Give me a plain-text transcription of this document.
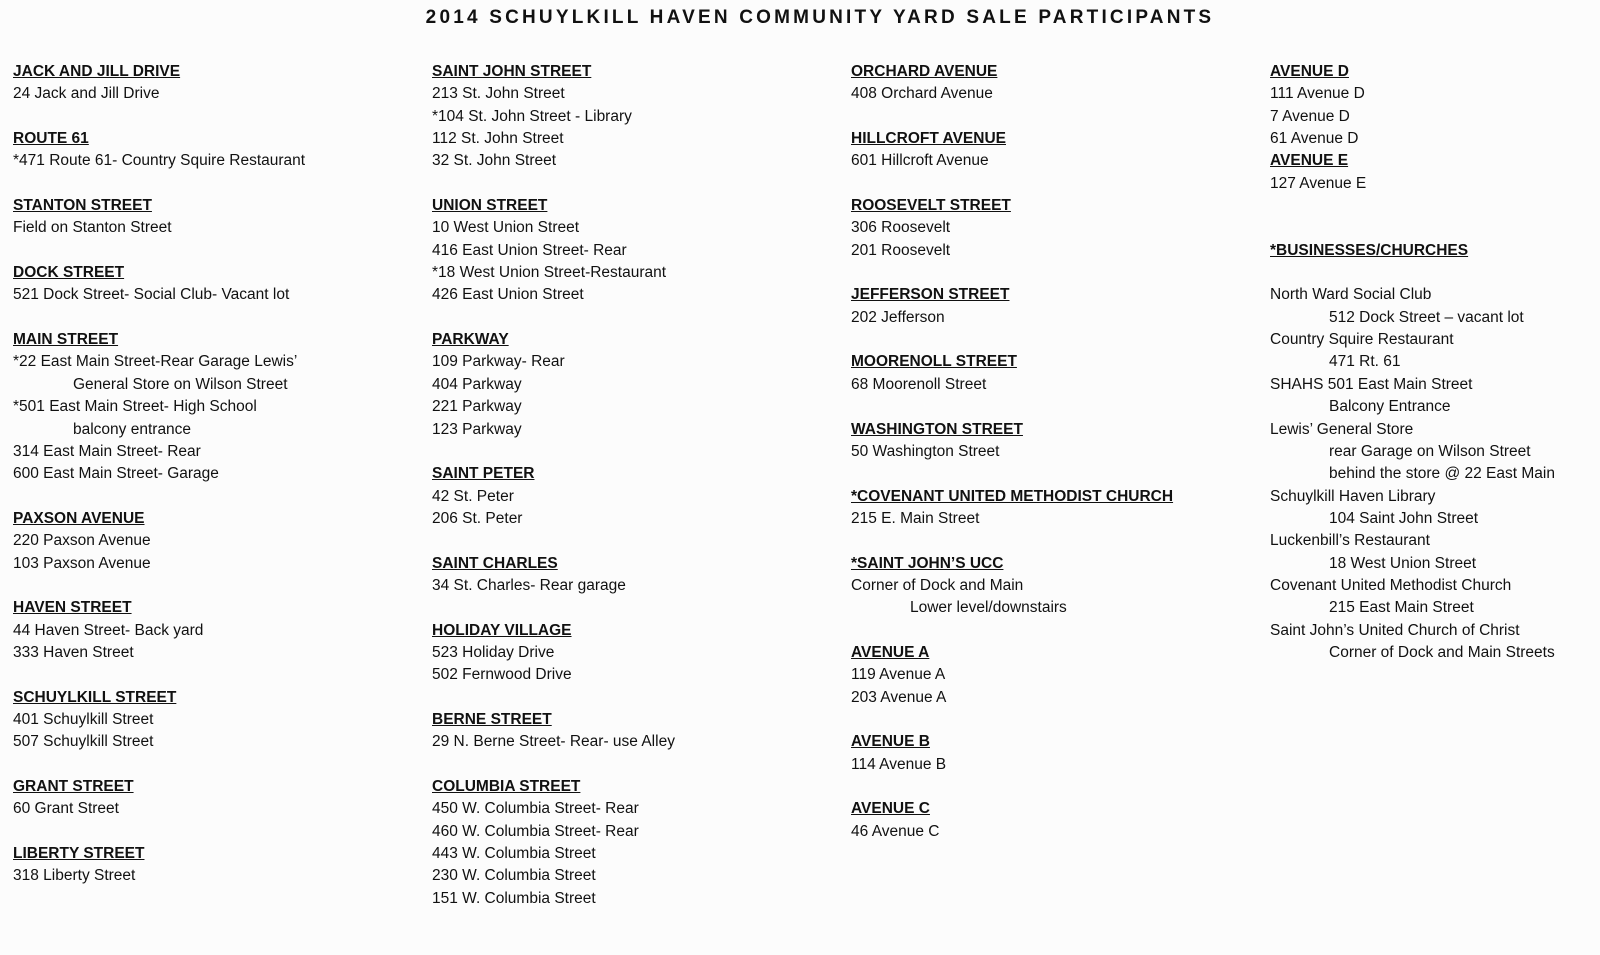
2014 SCHUYLKILL HAVEN COMMUNITY YARD SALE PARTICIPANTS
JACK AND JILL DRIVE
24 Jack and Jill Drive
ROUTE 61
*471 Route 61- Country Squire Restaurant
STANTON STREET
Field on Stanton Street
DOCK STREET
521 Dock Street- Social Club- Vacant lot
MAIN STREET
*22 East Main Street-Rear Garage Lewis’
General Store on Wilson Street
*501 East Main Street- High School
balcony entrance
314 East Main Street- Rear
600 East Main Street- Garage
PAXSON AVENUE
220 Paxson Avenue
103 Paxson Avenue
HAVEN STREET
44 Haven Street- Back yard
333 Haven Street
SCHUYLKILL STREET
401 Schuylkill Street
507 Schuylkill Street
GRANT STREET
60 Grant Street
LIBERTY STREET
318 Liberty Street
SAINT JOHN STREET
213 St. John Street
*104 St. John Street - Library
112 St. John Street
32 St. John Street
UNION STREET
10 West Union Street
416 East Union Street- Rear
*18 West Union Street-Restaurant
426 East Union Street
PARKWAY
109 Parkway- Rear
404 Parkway
221 Parkway
123 Parkway
SAINT PETER
42 St. Peter
206 St. Peter
SAINT CHARLES
34 St. Charles- Rear garage
HOLIDAY VILLAGE
523 Holiday Drive
502 Fernwood Drive
BERNE STREET
29 N. Berne Street- Rear- use Alley
COLUMBIA STREET
450 W. Columbia Street- Rear
460 W. Columbia Street- Rear
443 W. Columbia Street
230 W. Columbia Street
151 W. Columbia Street
ORCHARD AVENUE
408 Orchard Avenue
HILLCROFT AVENUE
601 Hillcroft Avenue
ROOSEVELT STREET
306 Roosevelt
201 Roosevelt
JEFFERSON STREET
202 Jefferson
MOORENOLL STREET
68 Moorenoll Street
WASHINGTON STREET
50 Washington Street
*COVENANT UNITED METHODIST CHURCH
215 E. Main Street
*SAINT JOHN’S UCC
Corner of Dock and Main
Lower level/downstairs
AVENUE A
119 Avenue A
203 Avenue A
AVENUE B
114 Avenue B
AVENUE C
46 Avenue C
AVENUE D
111 Avenue D
7 Avenue D
61 Avenue D
AVENUE E
127 Avenue E
*BUSINESSES/CHURCHES
North Ward Social Club
512 Dock Street – vacant lot
Country Squire Restaurant
471 Rt. 61
SHAHS 501 East Main Street
Balcony Entrance
Lewis’ General Store
rear Garage on Wilson Street
behind the store @ 22 East Main
Schuylkill Haven Library
104 Saint John Street
Luckenbill’s Restaurant
18 West Union Street
Covenant United Methodist Church
215 East Main Street
Saint John’s United Church of Christ
Corner of Dock and Main Streets
